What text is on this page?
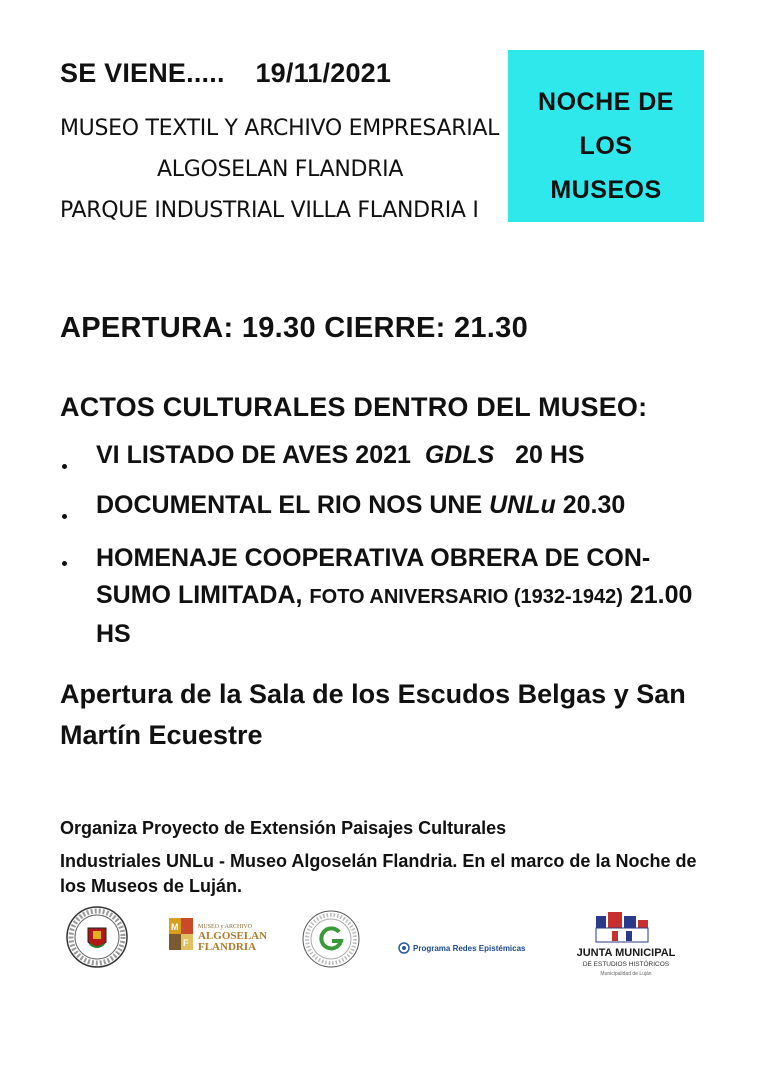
SE VIENE..... 19/11/2021
MUSEO TEXTIL Y ARCHIVO EMPRESARIAL
ALGOSELAN FLANDRIA
PARQUE INDUSTRIAL VILLA FLANDRIA I
NOCHE DE
LOS
MUSEOS
APERTURA: 19.30 CIERRE: 21.30
ACTOS CULTURALES DENTRO DEL MUSEO:
VI LISTADO DE AVES 2021 GDLS 20 HS
DOCUMENTAL EL RIO NOS UNE UNLu 20.30
HOMENAJE COOPERATIVA OBRERA DE CON-SUMO LIMITADA, FOTO ANIVERSARIO (1932-1942) 21.00 HS
Apertura de la Sala de los Escudos Belgas y San Martín Ecuestre
Organiza Proyecto de Extensión Paisajes Culturales
Industriales UNLu - Museo Algoselán Flandria. En el marco de la Noche de los Museos de Luján.
M
F
MUSEO y ARCHIVO
ALGOSELAN
FLANDRIA	Programa Redes Epistémicas	JUNTA MUNICIPAL
DE ESTUDIOS HISTÓRICOS
Municipalidad de Luján
